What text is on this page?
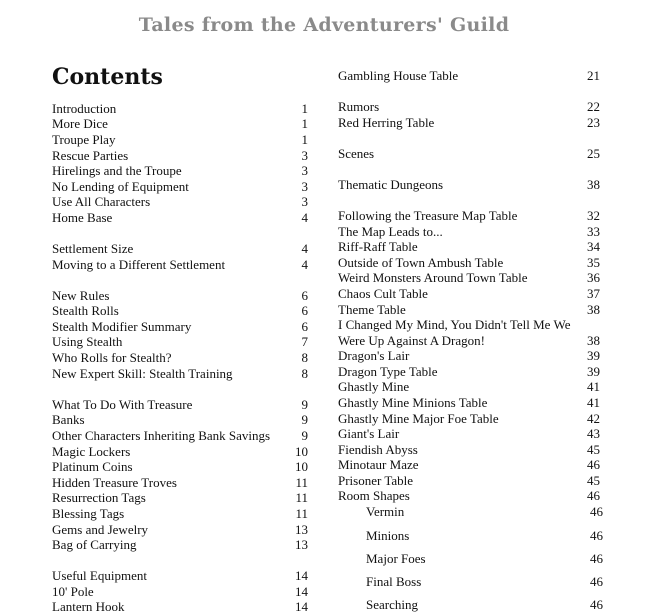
Tales from the Adventurers' Guild
Contents
Introduction	1
More Dice	1
Troupe Play	1
Rescue Parties	3
Hirelings and the Troupe	3
No Lending of Equipment	3
Use All Characters	3
Home Base	4
Settlement Size	4
Moving to a Different Settlement	4
New Rules	6
Stealth Rolls	6
Stealth Modifier Summary	6
Using Stealth	7
Who Rolls for Stealth?	8
New Expert Skill: Stealth Training	8
What To Do With Treasure	9
Banks	9
Other Characters Inheriting Bank Savings	9
Magic Lockers	10
Platinum Coins	10
Hidden Treasure Troves	11
Resurrection Tags	11
Blessing Tags	11
Gems and Jewelry	13
Bag of Carrying	13
Useful Equipment	14
10' Pole	14
Lantern Hook	14
Gambling House Table	21
Rumors	22
Red Herring Table	23
Scenes	25
Thematic Dungeons	38
Following the Treasure Map Table	32
The Map Leads to...	33
Riff-Raff Table	34
Outside of Town Ambush Table	35
Weird Monsters Around Town Table	36
Chaos Cult Table	37
Theme Table	38
I Changed My Mind, You Didn't Tell Me We
Were Up Against A Dragon!	38
Dragon's Lair	39
Dragon Type Table	39
Ghastly Mine	41
Ghastly Mine Minions Table	41
Ghastly Mine Major Foe Table	42
Giant's Lair	43
Fiendish Abyss	45
Minotaur Maze	46
Prisoner Table	45
Room Shapes	46
Vermin	46
Minions	46
Major Foes	46
Final Boss	46
Searching	46
